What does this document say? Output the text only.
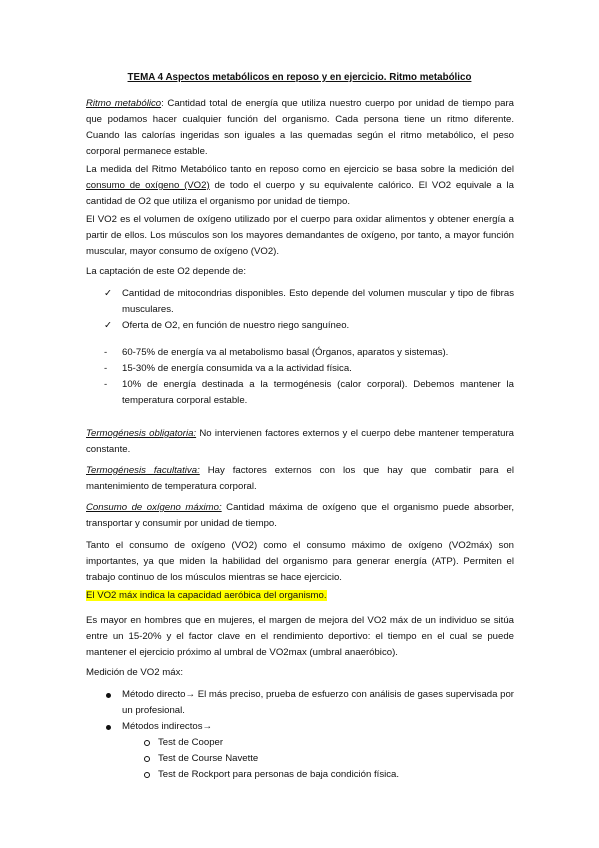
TEMA 4 Aspectos metabólicos en reposo y en ejercicio. Ritmo metabólico
Ritmo metabólico: Cantidad total de energía que utiliza nuestro cuerpo por unidad de tiempo para que podamos hacer cualquier función del organismo. Cada persona tiene un ritmo diferente. Cuando las calorías ingeridas son iguales a las quemadas según el ritmo metabólico, el peso corporal permanece estable.
La medida del Ritmo Metabólico tanto en reposo como en ejercicio se basa sobre la medición del consumo de oxígeno (VO2) de todo el cuerpo y su equivalente calórico. El VO2 equivale a la cantidad de O2 que utiliza el organismo por unidad de tiempo.
El VO2 es el volumen de oxígeno utilizado por el cuerpo para oxidar alimentos y obtener energía a partir de ellos. Los músculos son los mayores demandantes de oxígeno, por tanto, a mayor función muscular, mayor consumo de oxígeno (VO2).
La captación de este O2 depende de:
✓	Cantidad de mitocondrias disponibles. Esto depende del volumen muscular y tipo de fibras musculares.
✓	Oferta de O2, en función de nuestro riego sanguíneo.
-	60-75% de energía va al metabolismo basal (Órganos, aparatos y sistemas).
-	15-30% de energía consumida va a la actividad física.
-	10% de energía destinada a la termogénesis (calor corporal). Debemos mantener la temperatura corporal estable.
Termogénesis obligatoria: No intervienen factores externos y el cuerpo debe mantener temperatura constante.
Termogénesis facultativa: Hay factores externos con los que hay que combatir para el mantenimiento de temperatura corporal.
Consumo de oxígeno máximo: Cantidad máxima de oxígeno que el organismo puede absorber, transportar y consumir por unidad de tiempo.
Tanto el consumo de oxígeno (VO2) como el consumo máximo de oxígeno (VO2máx) son importantes, ya que miden la habilidad del organismo para generar energía (ATP). Permiten el trabajo continuo de los músculos mientras se hace ejercicio.
El VO2 máx indica la capacidad aeróbica del organismo.
Es mayor en hombres que en mujeres, el margen de mejora del VO2 máx de un individuo se sitúa entre un 15-20% y el factor clave en el rendimiento deportivo: el tiempo en el cual se puede mantener el ejercicio próximo al umbral de VO2max (umbral anaeróbico).
Medición de VO2 máx:
Método directo→ El más preciso, prueba de esfuerzo con análisis de gases supervisada por un profesional.
Métodos indirectos→
Test de Cooper
Test de Course Navette
Test de Rockport para personas de baja condición física.
